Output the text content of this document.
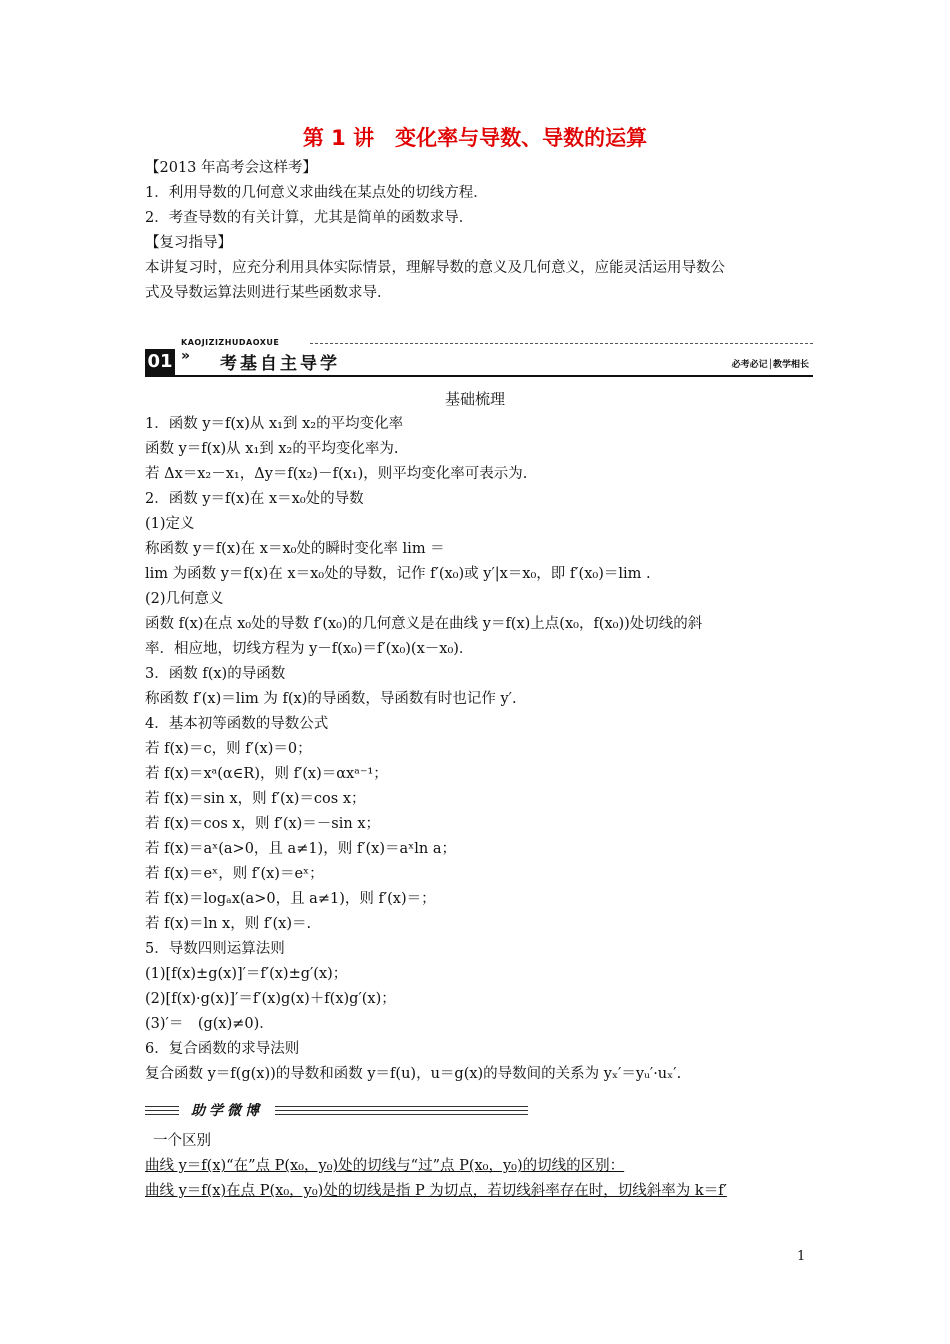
第 1 讲　变化率与导数、导数的运算
【2013 年高考会这样考】
1．利用导数的几何意义求曲线在某点处的切线方程．
2．考查导数的有关计算，尤其是简单的函数求导．
【复习指导】
本讲复习时，应充分利用具体实际情景，理解导数的意义及几何意义，应能灵活运用导数公
式及导数运算法则进行某些函数求导．
KAOJIZIZHUDAOXUE
01 » 考基自主导学	必考必记│教学相长
基础梳理
1．函数 y＝f(x)从 x₁到 x₂的平均变化率
函数 y＝f(x)从 x₁到 x₂的平均变化率为.
若 Δx＝x₂－x₁，Δy＝f(x₂)－f(x₁)，则平均变化率可表示为.
2．函数 y＝f(x)在 x＝x₀处的导数
(1)定义
称函数 y＝f(x)在 x＝x₀处的瞬时变化率 lim ＝
lim 为函数 y＝f(x)在 x＝x₀处的导数，记作 f′(x₀)或 y′|x＝x₀，即 f′(x₀)＝lim .
(2)几何意义
函数 f(x)在点 x₀处的导数 f′(x₀)的几何意义是在曲线 y＝f(x)上点(x₀，f(x₀))处切线的斜
率．相应地，切线方程为 y－f(x₀)＝f′(x₀)(x－x₀)．
3．函数 f(x)的导函数
称函数 f′(x)＝lim 为 f(x)的导函数，导函数有时也记作 y′.
4．基本初等函数的导数公式
若 f(x)＝c，则 f′(x)＝0；
若 f(x)＝xᵃ(α∈R)，则 f′(x)＝αxᵃ⁻¹；
若 f(x)＝sin x，则 f′(x)＝cos x；
若 f(x)＝cos x，则 f′(x)＝－sin x；
若 f(x)＝aˣ(a>0，且 a≠1)，则 f′(x)＝aˣln a；
若 f(x)＝eˣ，则 f′(x)＝eˣ；
若 f(x)＝logₐx(a>0，且 a≠1)，则 f′(x)＝；
若 f(x)＝ln x，则 f′(x)＝.
5．导数四则运算法则
(1)[f(x)±g(x)]′＝f′(x)±g′(x)；
(2)[f(x)·g(x)]′＝f′(x)g(x)＋f(x)g′(x)；
(3)′＝　(g(x)≠0)．
6．复合函数的求导法则
复合函数 y＝f(g(x))的导数和函数 y＝f(u)，u＝g(x)的导数间的关系为 yₓ′＝yᵤ′·uₓ′.
助学微博
一个区别
曲线 y＝f(x)“在”点 P(x₀，y₀)处的切线与“过”点 P(x₀，y₀)的切线的区别：
曲线 y＝f(x)在点 P(x₀，y₀)处的切线是指 P 为切点，若切线斜率存在时，切线斜率为 k＝f′
1
